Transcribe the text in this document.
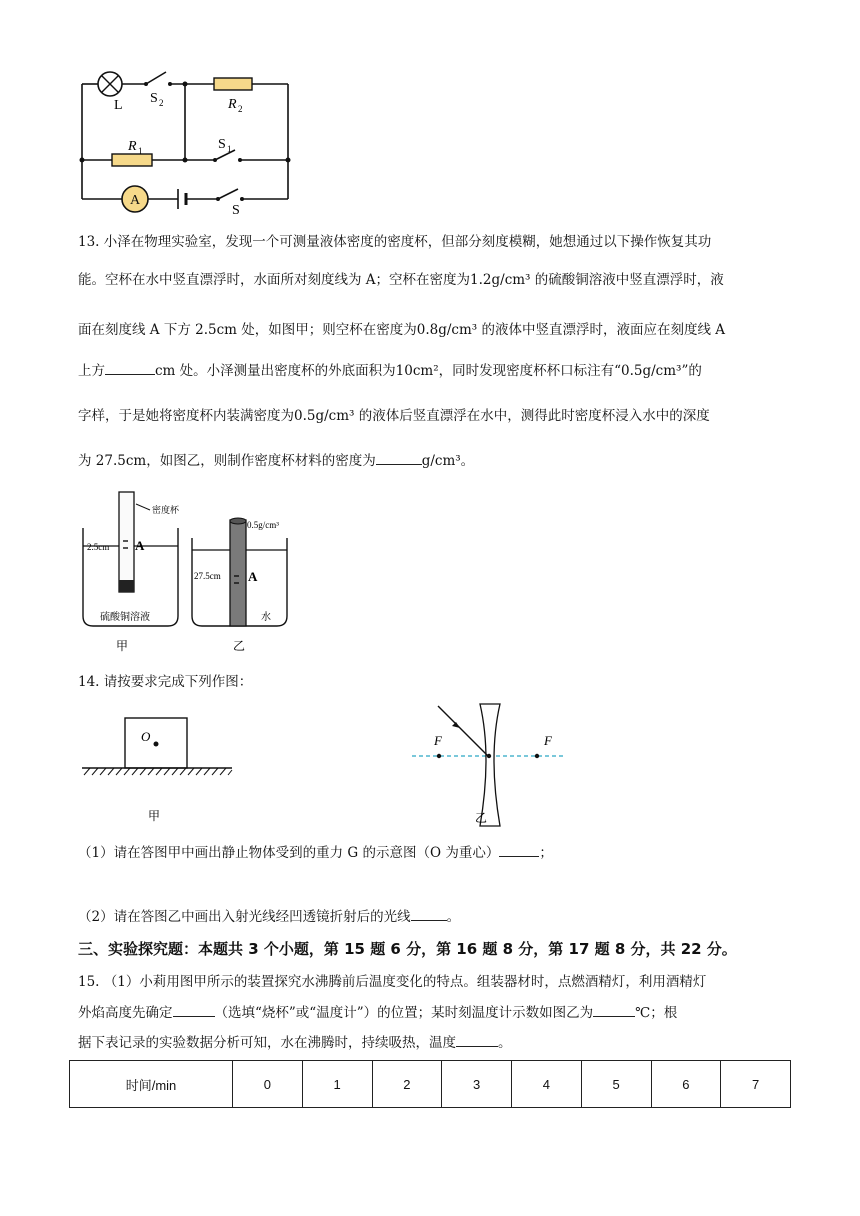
A
L S 2	R 2
R 1	S 1
S
13. 小泽在物理实验室，发现一个可测量液体密度的密度杯，但部分刻度模糊，她想通过以下操作恢复其功
能。空杯在水中竖直漂浮时，水面所对刻度线为 A；空杯在密度为1.2g/cm³ 的硫酸铜溶液中竖直漂浮时，液
面在刻度线 A 下方 2.5cm 处，如图甲；则空杯在密度为0.8g/cm³ 的液体中竖直漂浮时，液面应在刻度线 A
上方	cm 处。小泽测量出密度杯的外底面积为10cm²，同时发现密度杯杯口标注有“0.5g/cm³”的
字样，于是她将密度杯内装满密度为0.5g/cm³ 的液体后竖直漂浮在水中，测得此时密度杯浸入水中的深度
为 27.5cm，如图乙，则制作密度杯材料的密度为	g/cm³。
密度杯
2.5cm A
硫酸铜溶液
甲
0.5g/cm³
27.5cm A
水
乙
14. 请按要求完成下列作图：
O
甲
F	F
乙
（1）请在答图甲中画出静止物体受到的重力 G 的示意图（O 为重心）	；
（2）请在答图乙中画出入射光线经凹透镜折射后的光线	。
三、实验探究题：本题共 3 个小题，第 15 题 6 分，第 16 题 8 分，第 17 题 8 分，共 22 分。
15. （1）小莉用图甲所示的装置探究水沸腾前后温度变化的特点。组装器材时，点燃酒精灯，利用酒精灯
外焰高度先确定	（选填“烧杯”或“温度计”）的位置；某时刻温度计示数如图乙为	℃；根
据下表记录的实验数据分析可知，水在沸腾时，持续吸热，温度	。
时间/min	0	1	2	3	4	5	6	7
